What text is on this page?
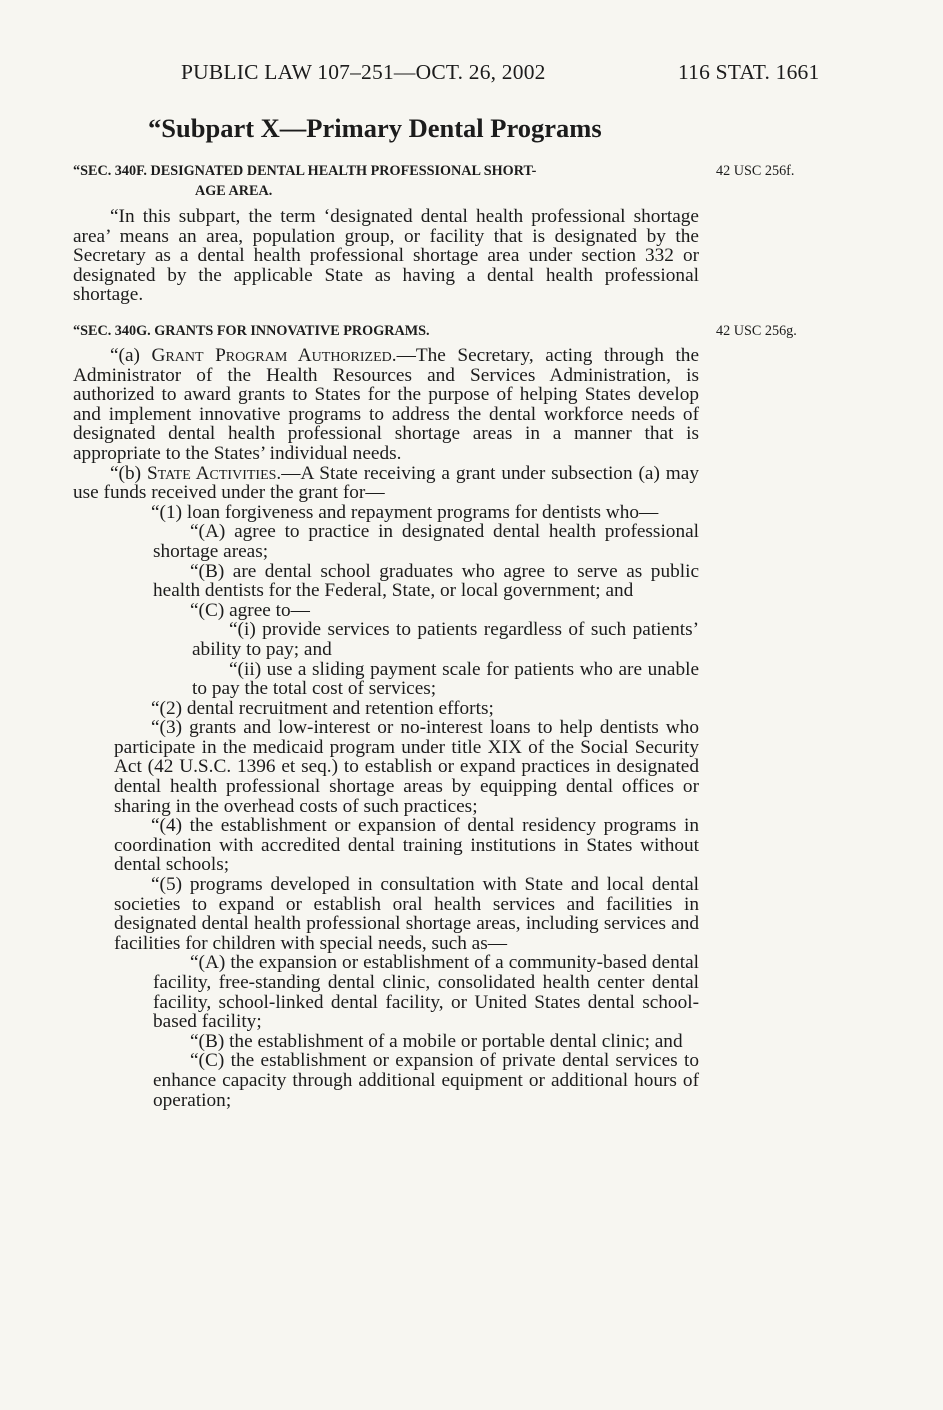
PUBLIC LAW 107–251—OCT. 26, 2002	116 STAT. 1661
“Subpart X—Primary Dental Programs
“SEC. 340F. DESIGNATED DENTAL HEALTH PROFESSIONAL SHORT-
AGE AREA.
42 USC 256f.

“In this subpart, the term ‘designated dental health professional shortage area’ means an area, population group, or facility that is designated by the Secretary as a dental health professional shortage area under section 332 or designated by the applicable State as having a dental health professional shortage.

“SEC. 340G. GRANTS FOR INNOVATIVE PROGRAMS.	42 USC 256g.

“(a) Grant Program Authorized.—The Secretary, acting through the Administrator of the Health Resources and Services Administration, is authorized to award grants to States for the purpose of helping States develop and implement innovative programs to address the dental workforce needs of designated dental health professional shortage areas in a manner that is appropriate to the States’ individual needs.

“(b) State Activities.—A State receiving a grant under subsection (a) may use funds received under the grant for—

“(1) loan forgiveness and repayment programs for dentists who—

“(A) agree to practice in designated dental health professional shortage areas;

“(B) are dental school graduates who agree to serve as public health dentists for the Federal, State, or local government; and

“(C) agree to—

“(i) provide services to patients regardless of such patients’ ability to pay; and

“(ii) use a sliding payment scale for patients who are unable to pay the total cost of services;

“(2) dental recruitment and retention efforts;

“(3) grants and low-interest or no-interest loans to help dentists who participate in the medicaid program under title XIX of the Social Security Act (42 U.S.C. 1396 et seq.) to establish or expand practices in designated dental health professional shortage areas by equipping dental offices or sharing in the overhead costs of such practices;

“(4) the establishment or expansion of dental residency programs in coordination with accredited dental training institutions in States without dental schools;

“(5) programs developed in consultation with State and local dental societies to expand or establish oral health services and facilities in designated dental health professional shortage areas, including services and facilities for children with special needs, such as—

“(A) the expansion or establishment of a community-based dental facility, free-standing dental clinic, consolidated health center dental facility, school-linked dental facility, or United States dental school-based facility;

“(B) the establishment of a mobile or portable dental clinic; and

“(C) the establishment or expansion of private dental services to enhance capacity through additional equipment or additional hours of operation;
